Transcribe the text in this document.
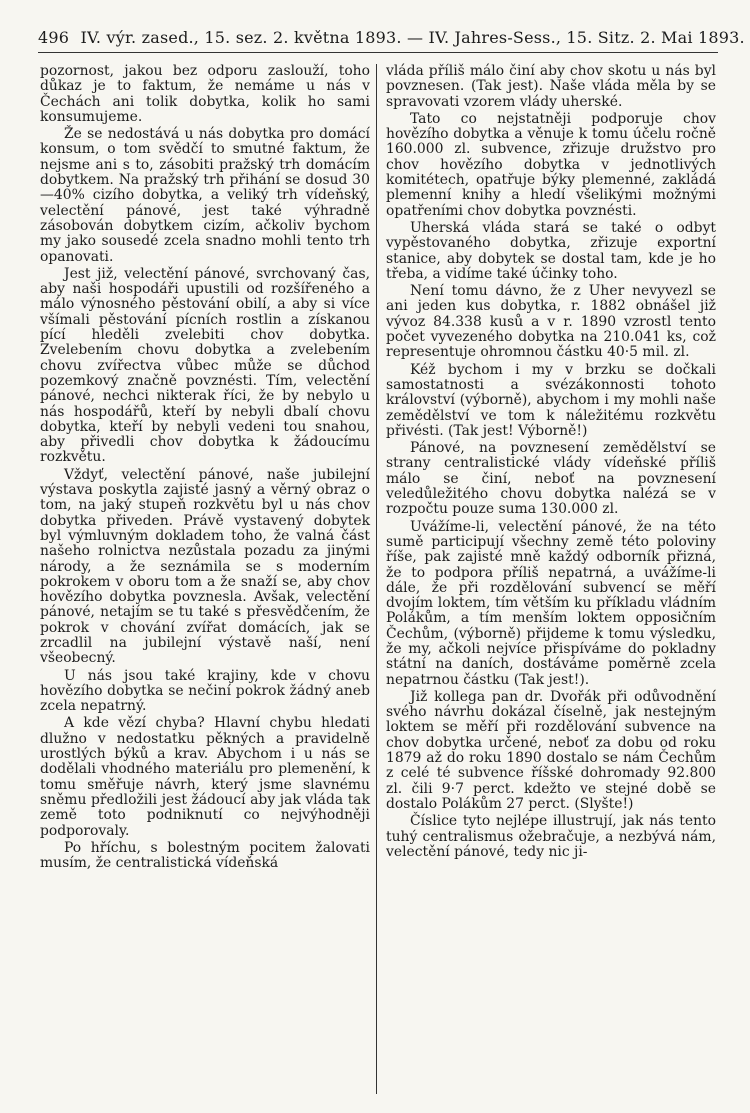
496 IV. výr. zased., 15. sez. 2. května 1893. — IV. Jahres-Sess., 15. Sitz. 2. Mai 1893.

pozornost, jakou bez odporu zaslouží, toho důkaz je to faktum, že nemáme u nás v Čechách ani tolik dobytka, kolik ho sami konsumujeme.

Že se nedostává u nás dobytka pro domácí konsum, o tom svědčí to smutné faktum, že nejsme ani s to, zásobiti pražský trh domácím dobytkem. Na pražský trh přihání se dosud 30—40% cizího dobytka, a veliký trh vídeňský, velectění pánové, jest také výhradně zásobován dobytkem cizím, ačkoliv bychom my jako sousedé zcela snadno mohli tento trh opanovati.

Jest již, velectění pánové, svrchovaný čas, aby naši hospodáři upustili od rozšířeného a málo výnosného pěstování obilí, a aby si více všímali pěstování pícních rostlin a získanou pící hleděli zvelebiti chov dobytka. Zvelebením chovu dobytka a zvelebením chovu zvířectva vůbec může se důchod pozemkový značně povznésti. Tím, velectění pánové, nechci nikterak říci, že by nebylo u nás hospodářů, kteří by nebyli dbalí chovu dobytka, kteří by nebyli vedeni tou snahou, aby přivedli chov dobytka k žádoucímu rozkvětu.

Vždyť, velectění pánové, naše jubilejní výstava poskytla zajisté jasný a věrný obraz o tom, na jaký stupeň rozkvětu byl u nás chov dobytka přiveden. Právě vystavený dobytek byl výmluvným dokladem toho, že valná část našeho rolnictva nezůstala pozadu za jinými národy, a že seznámila se s moderním pokrokem v oboru tom a že snaží se, aby chov hovězího dobytka povznesla. Avšak, velectění pánové, netajím se tu také s přesvědčením, že pokrok v chování zvířat domácích, jak se zrcadlil na jubilejní výstavě naší, není všeobecný.

U nás jsou také krajiny, kde v chovu hovězího dobytka se nečiní pokrok žádný aneb zcela nepatrný.

A kde vězí chyba? Hlavní chybu hledati dlužno v nedostatku pěkných a pravidelně urostlých býků a krav. Abychom i u nás se dodělali vhodného materiálu pro plemenění, k tomu směřuje návrh, který jsme slavnému sněmu předložili jest žádoucí aby jak vláda tak země toto podniknutí co nejvýhodněji podporovaly.

Po hříchu, s bolestným pocitem žalovati musím, že centralistická vídeňská

vláda příliš málo činí aby chov skotu u nás byl povznesen. (Tak jest). Naše vláda měla by se spravovati vzorem vlády uherské.

Tato co nejstatněji podporuje chov hovězího dobytka a věnuje k tomu účelu ročně 160.000 zl. subvence, zřizuje družstvo pro chov hovězího dobytka v jednotlivých komitétech, opatřuje býky plemenné, zakládá plemenní knihy a hledí všelikými možnými opatřeními chov dobytka povznésti.

Uherská vláda stará se také o odbyt vypěstovaného dobytka, zřizuje exportní stanice, aby dobytek se dostal tam, kde je ho třeba, a vidíme také účinky toho.

Není tomu dávno, že z Uher nevyvezl se ani jeden kus dobytka, r. 1882 obnášel již vývoz 84.338 kusů a v r. 1890 vzrostl tento počet vyvezeného dobytka na 210.041 ks, což representuje ohromnou částku 40·5 mil. zl.

Kéž bychom i my v brzku se dočkali samostatnosti a svézákonnosti tohoto království (výborně), abychom i my mohli naše zemědělství ve tom k náležitému rozkvětu přivésti. (Tak jest! Výborně!)

Pánové, na povznesení zemědělství se strany centralistické vlády vídeňské příliš málo se činí, neboť na povznesení veledůležitého chovu dobytka nalézá se v rozpočtu pouze suma 130.000 zl.

Uvážíme-li, velectění pánové, že na této sumě participují všechny země této poloviny říše, pak zajisté mně každý odborník přizná, že to podpora příliš nepatrná, a uvážíme-li dále, že při rozdělování subvencí se měří dvojím loktem, tím větším ku příkladu vládním Polákům, a tím menším loktem opposičním Čechům, (výborně) přijdeme k tomu výsledku, že my, ačkoli nejvíce přispíváme do pokladny státní na daních, dostáváme poměrně zcela nepatrnou částku (Tak jest!).

Již kollega pan dr. Dvořák při odůvodnění svého návrhu dokázal číselně, jak nestejným loktem se měří při rozdělování subvence na chov dobytka určené, neboť za dobu od roku 1879 až do roku 1890 dostalo se nám Čechům z celé té subvence říšské dohromady 92.800 zl. čili 9·7 perct. kdežto ve stejné době se dostalo Polákům 27 perct. (Slyšte!)

Číslice tyto nejlépe illustrují, jak nás tento tuhý centralismus ožebračuje, a nezbývá nám, velectění pánové, tedy nic ji-
